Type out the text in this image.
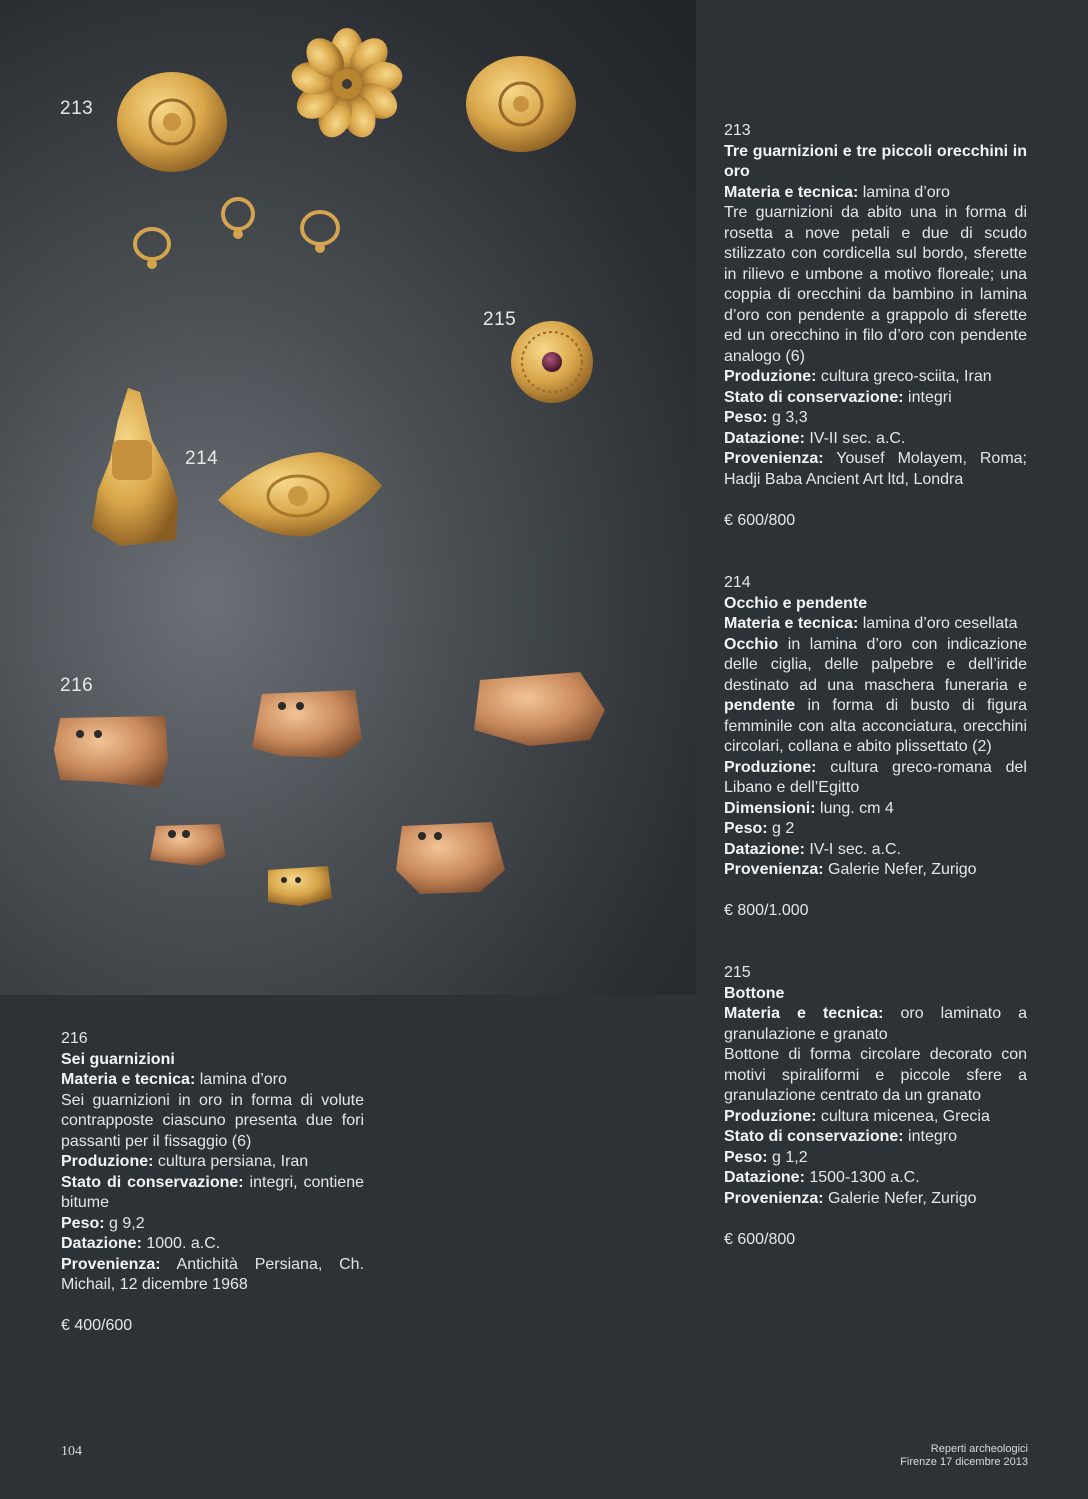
213
215
214
216
213

Tre guarnizioni e tre piccoli orecchini in oro

Materia e tecnica: lamina d’oro

Tre guarnizioni da abito una in forma di rosetta a nove petali e due di scudo stilizzato con cordicella sul bordo, sferette in rilievo e umbone a motivo floreale; una coppia di orecchini da bambino in lamina d’oro con pendente a grappolo di sferette ed un orecchino in filo d’oro con pendente analogo (6)

Produzione: cultura greco-sciita, Iran

Stato di conservazione: integri

Peso: g 3,3

Datazione: IV-II sec. a.C.

Provenienza: Yousef Molayem, Roma; Hadji Baba Ancient Art ltd, Londra

€ 600/800
214

Occhio e pendente

Materia e tecnica: lamina d’oro cesellata

Occhio in lamina d’oro con indicazione delle ciglia, delle palpebre e dell’iride destinato ad una maschera funeraria e pendente in forma di busto di figura femminile con alta acconciatura, orecchini circolari, collana e abito plissettato (2)

Produzione: cultura greco-romana del Libano e dell’Egitto

Dimensioni: lung. cm 4

Peso: g 2

Datazione: IV-I sec. a.C.

Provenienza: Galerie Nefer, Zurigo

€ 800/1.000
215

Bottone

Materia e tecnica: oro laminato a granulazione e granato

Bottone di forma circolare decorato con motivi spiraliformi e piccole sfere a granulazione centrato da un granato

Produzione: cultura micenea, Grecia

Stato di conservazione: integro

Peso: g 1,2

Datazione: 1500-1300 a.C.

Provenienza: Galerie Nefer, Zurigo

€ 600/800
216

Sei guarnizioni

Materia e tecnica: lamina d’oro

Sei guarnizioni in oro in forma di volute contrapposte ciascuno presenta due fori passanti per il fissaggio (6)

Produzione: cultura persiana, Iran

Stato di conservazione: integri, contiene bitume

Peso: g 9,2

Datazione: 1000. a.C.

Provenienza: Antichità Persiana, Ch. Michail, 12 dicembre 1968

€ 400/600
104	Reperti archeologici
Firenze 17 dicembre 2013
